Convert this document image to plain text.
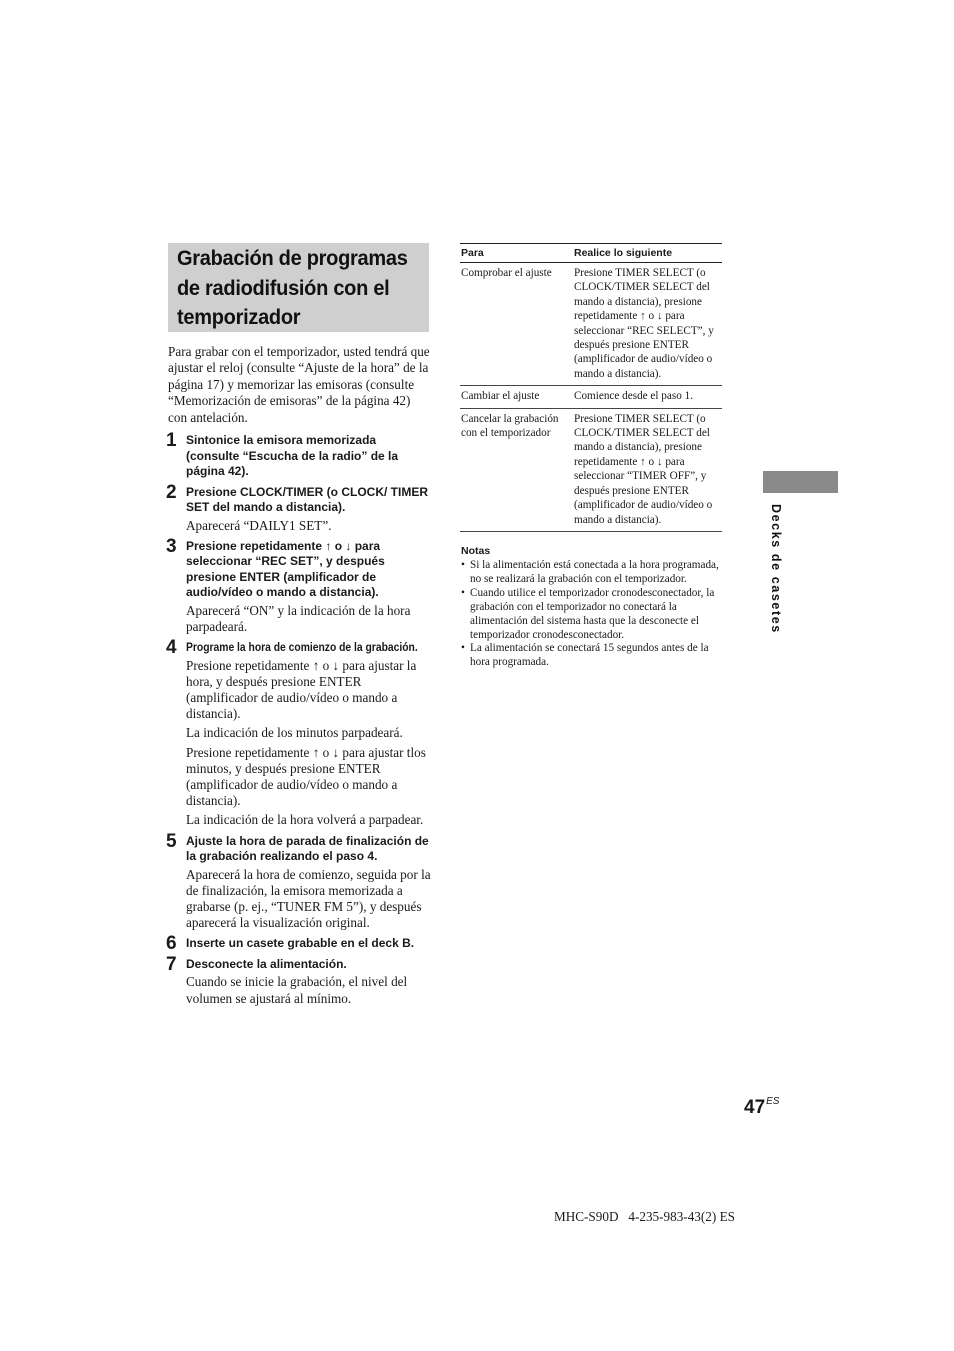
Grabación de programas de radiodifusión con el temporizador

Para grabar con el temporizador, usted tendrá que ajustar el reloj (consulte “Ajuste de la hora” de la página 17) y memorizar las emisoras (consulte “Memorización de emisoras” de la página 42) con antelación.

1 Sintonice la emisora memorizada (consulte “Escucha de la radio” de la página 42).

2 Presione CLOCK/TIMER (o CLOCK/ TIMER SET del mando a distancia).

Aparecerá “DAILY1 SET”.

3 Presione repetidamente ↑ o ↓ para seleccionar “REC SET”, y después presione ENTER (amplificador de audio/vídeo o mando a distancia).

Aparecerá “ON” y la indicación de la hora parpadeará.

4 Programe la hora de comienzo de la grabación.

Presione repetidamente ↑ o ↓ para ajustar la hora, y después presione ENTER (amplificador de audio/vídeo o mando a distancia).

La indicación de los minutos parpadeará.

Presione repetidamente ↑ o ↓ para ajustar tlos minutos, y después presione ENTER (amplificador de audio/vídeo o mando a distancia).

La indicación de la hora volverá a parpadear.

5 Ajuste la hora de parada de finalización de la grabación realizando el paso 4.

Aparecerá la hora de comienzo, seguida por la de finalización, la emisora memorizada a grabarse (p. ej., “TUNER FM 5”), y después aparecerá la visualización original.

6 Inserte un casete grabable en el deck B.

7 Desconecte la alimentación.

Cuando se inicie la grabación, el nivel del volumen se ajustará al mínimo.

Para	Realice lo siguiente
Comprobar el ajuste	Presione TIMER SELECT (o CLOCK/TIMER SELECT del mando a distancia), presione repetidamente ↑ o ↓ para seleccionar “REC SELECT”, y después presione ENTER (amplificador de audio/vídeo o mando a distancia).
Cambiar el ajuste	Comience desde el paso 1.
Cancelar la grabación con el temporizador	Presione TIMER SELECT (o CLOCK/TIMER SELECT del mando a distancia), presione repetidamente ↑ o ↓ para seleccionar “TIMER OFF”, y después presione ENTER (amplificador de audio/vídeo o mando a distancia).
Notas
• Si la alimentación está conectada a la hora programada, no se realizará la grabación con el temporizador.
• Cuando utilice el temporizador cronodesconectador, la grabación con el temporizador no conectará la alimentación del sistema hasta que la desconecte el temporizador cronodesconectador.
• La alimentación se conectará 15 segundos antes de la hora programada.
Decks de casetes
$47^{ES}$
MHC-S90D   4-235-983-43(2) ES
